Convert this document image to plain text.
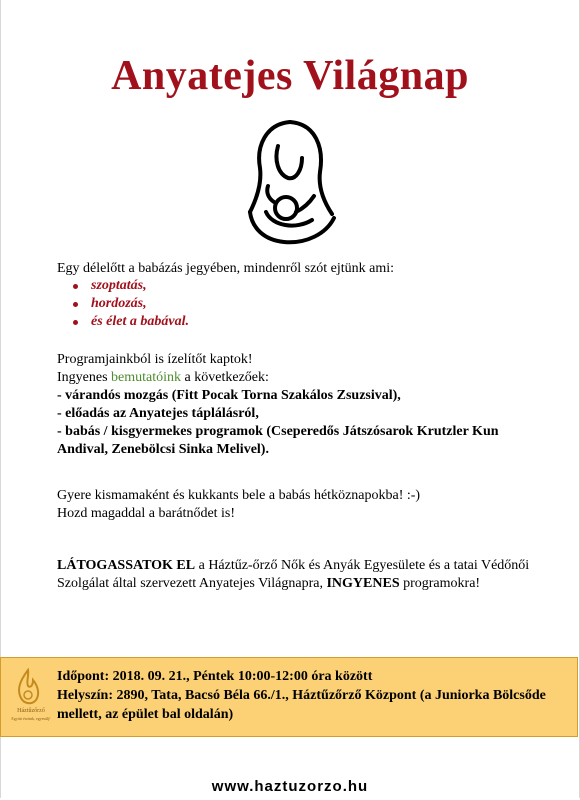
Anyatejes Világnap
Egy délelőtt a babázás jegyében, mindenről szót ejtünk ami:
szoptatás,
hordozás,
és élet a babával.
Programjainkból is ízelítőt kaptok!
Ingyenes bemutatóink a következőek:
- várandós mozgás (Fitt Pocak Torna Szakálos Zsuzsival),
- előadás az Anyatejes táplálásról,
- babás / kisgyermekes programok (Cseperedős Játszósarok Krutzler Kun Andival, Zenebölcsi Sinka Melivel).
Gyere kismamaként és kukkants bele a babás hétköznapokba! :-)
Hozd magaddal a barátnődet is!
LÁTOGASSATOK EL a Háztűz-őrző Nők és Anyák Egyesülete és a tatai Védőnői Szolgálat által szervezett Anyatejes Világnapra, INGYENES programokra!
Háztűzőrző
Együtt érzünk, egyesülj!
Időpont: 2018. 09. 21., Péntek 10:00-12:00 óra között
Helyszín: 2890, Tata, Bacsó Béla 66./1., Háztűzőrző Központ (a Juniorka Bölcsőde mellett, az épület bal oldalán)
www.haztuzorzo.hu
